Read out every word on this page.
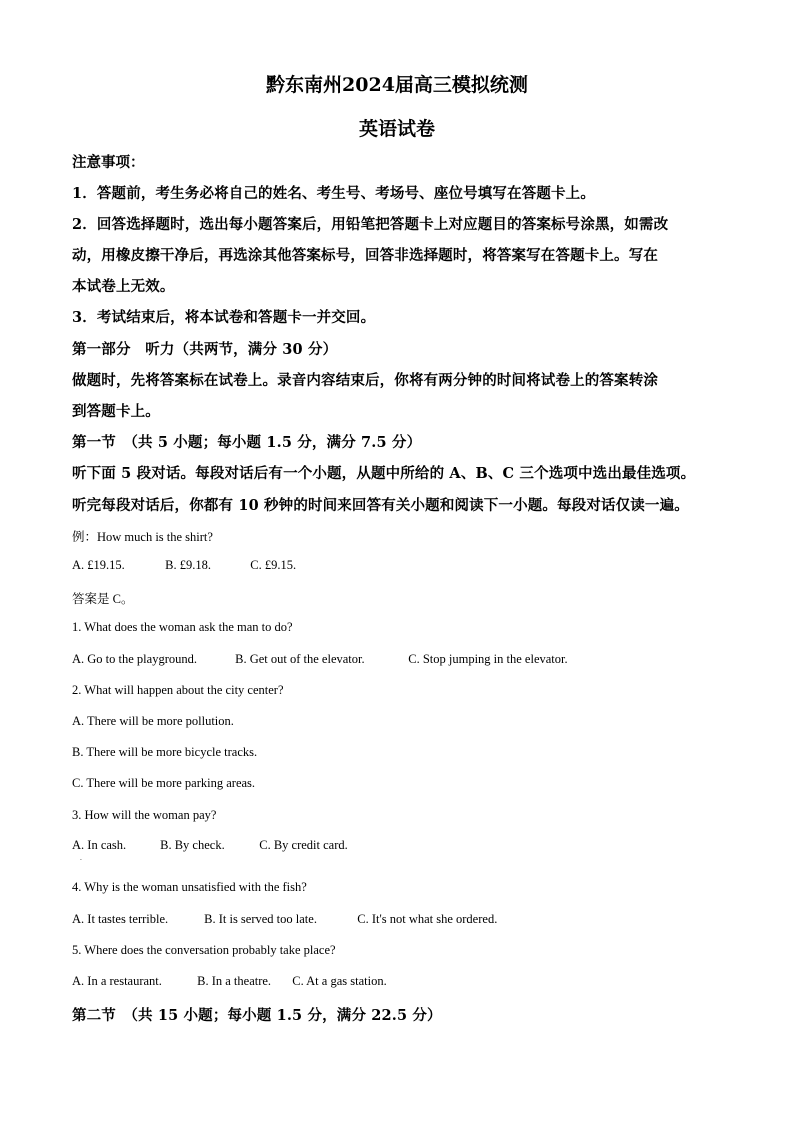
黔东南州2024届高三模拟统测
英语试卷
注意事项：
1．答题前，考生务必将自己的姓名、考生号、考场号、座位号填写在答题卡上。
2．回答选择题时，选出每小题答案后，用铅笔把答题卡上对应题目的答案标号涂黑，如需改
动，用橡皮擦干净后，再选涂其他答案标号，回答非选择题时，将答案写在答题卡上。写在
本试卷上无效。
3．考试结束后，将本试卷和答题卡一并交回。
第一部分　听力（共两节，满分 30 分）
做题时，先将答案标在试卷上。录音内容结束后，你将有两分钟的时间将试卷上的答案转涂
到答题卡上。
第一节　（共 5 小题；每小题 1.5 分，满分 7.5 分）
听下面 5 段对话。每段对话后有一个小题，从题中所给的 A、B、C 三个选项中选出最佳选项。
听完每段对话后，你都有 10 秒钟的时间来回答有关小题和阅读下一小题。每段对话仅读一遍。
例：How much is the shirt?
A. £19.15.	B. £9.18.	C. £9.15.
答案是 C。
1. What does the woman ask the man to do?
A. Go to the playground.	B. Get out of the elevator.	C. Stop jumping in the elevator.
2. What will happen about the city center?
A. There will be more pollution.
B. There will be more bicycle tracks.
C. There will be more parking areas.
3. How will the woman pay?
A. In cash.	B. By check.	C. By credit card.
·
4. Why is the woman unsatisfied with the fish?
A. It tastes terrible.	B. It is served too late.	C. It's not what she ordered.
5. Where does the conversation probably take place?
A. In a restaurant.	B. In a theatre. C. At a gas station.
第二节　（共 15 小题；每小题 1.5 分，满分 22.5 分）
